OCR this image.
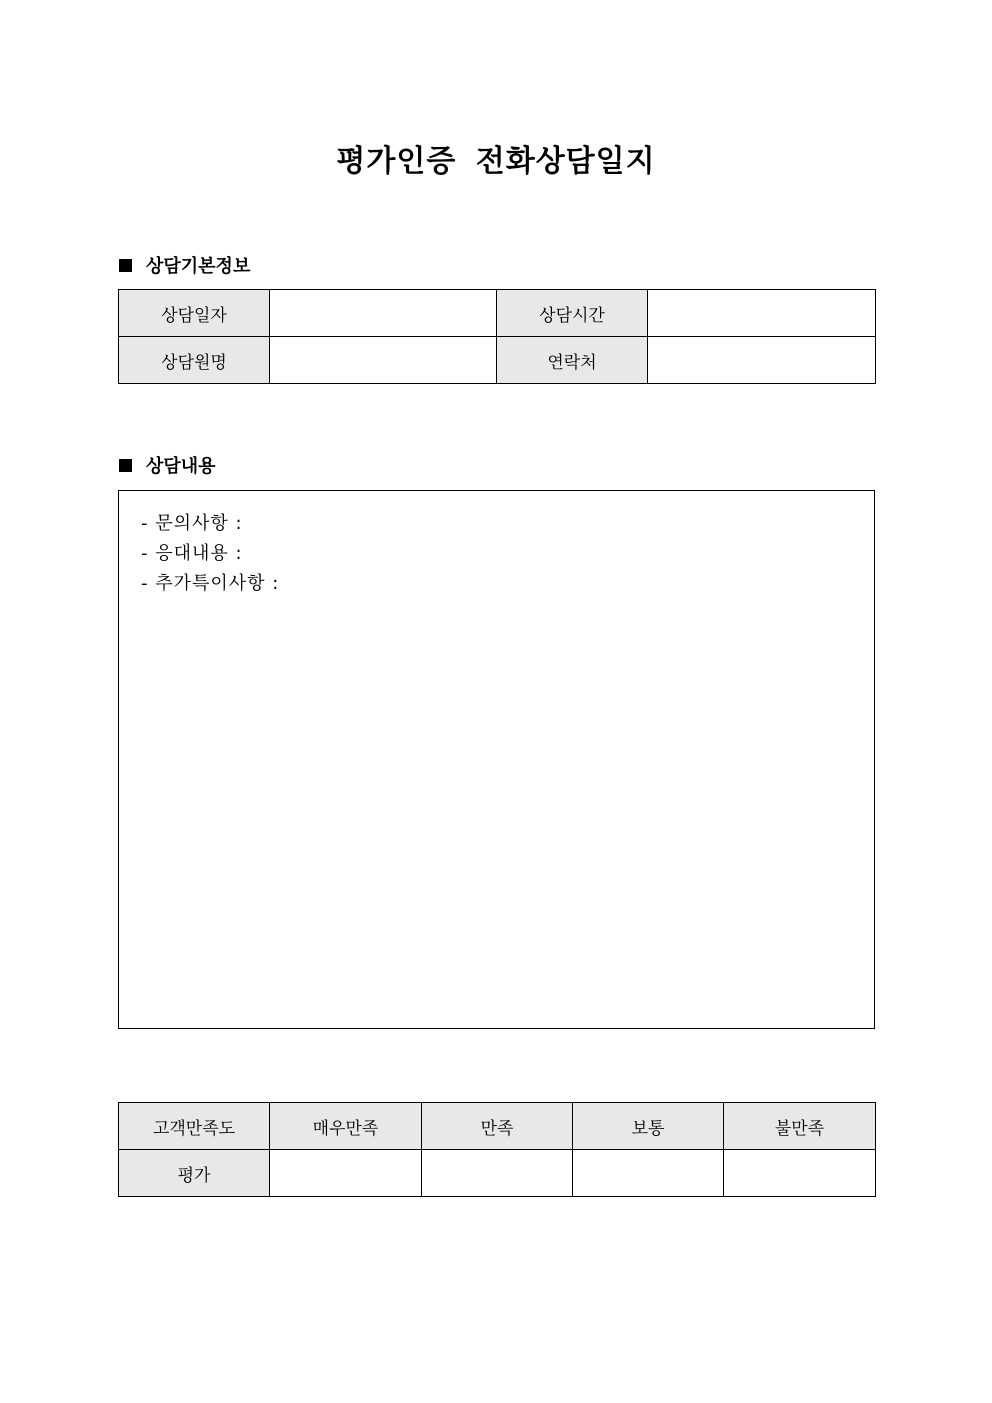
평가인증 전화상담일지
상담기본정보
상담일자		상담시간	
상담원명		연락처	
상담내용
- 문의사항 :
- 응대내용 :
- 추가특이사항 :
고객만족도	매우만족	만족	보통	불만족
평가				
